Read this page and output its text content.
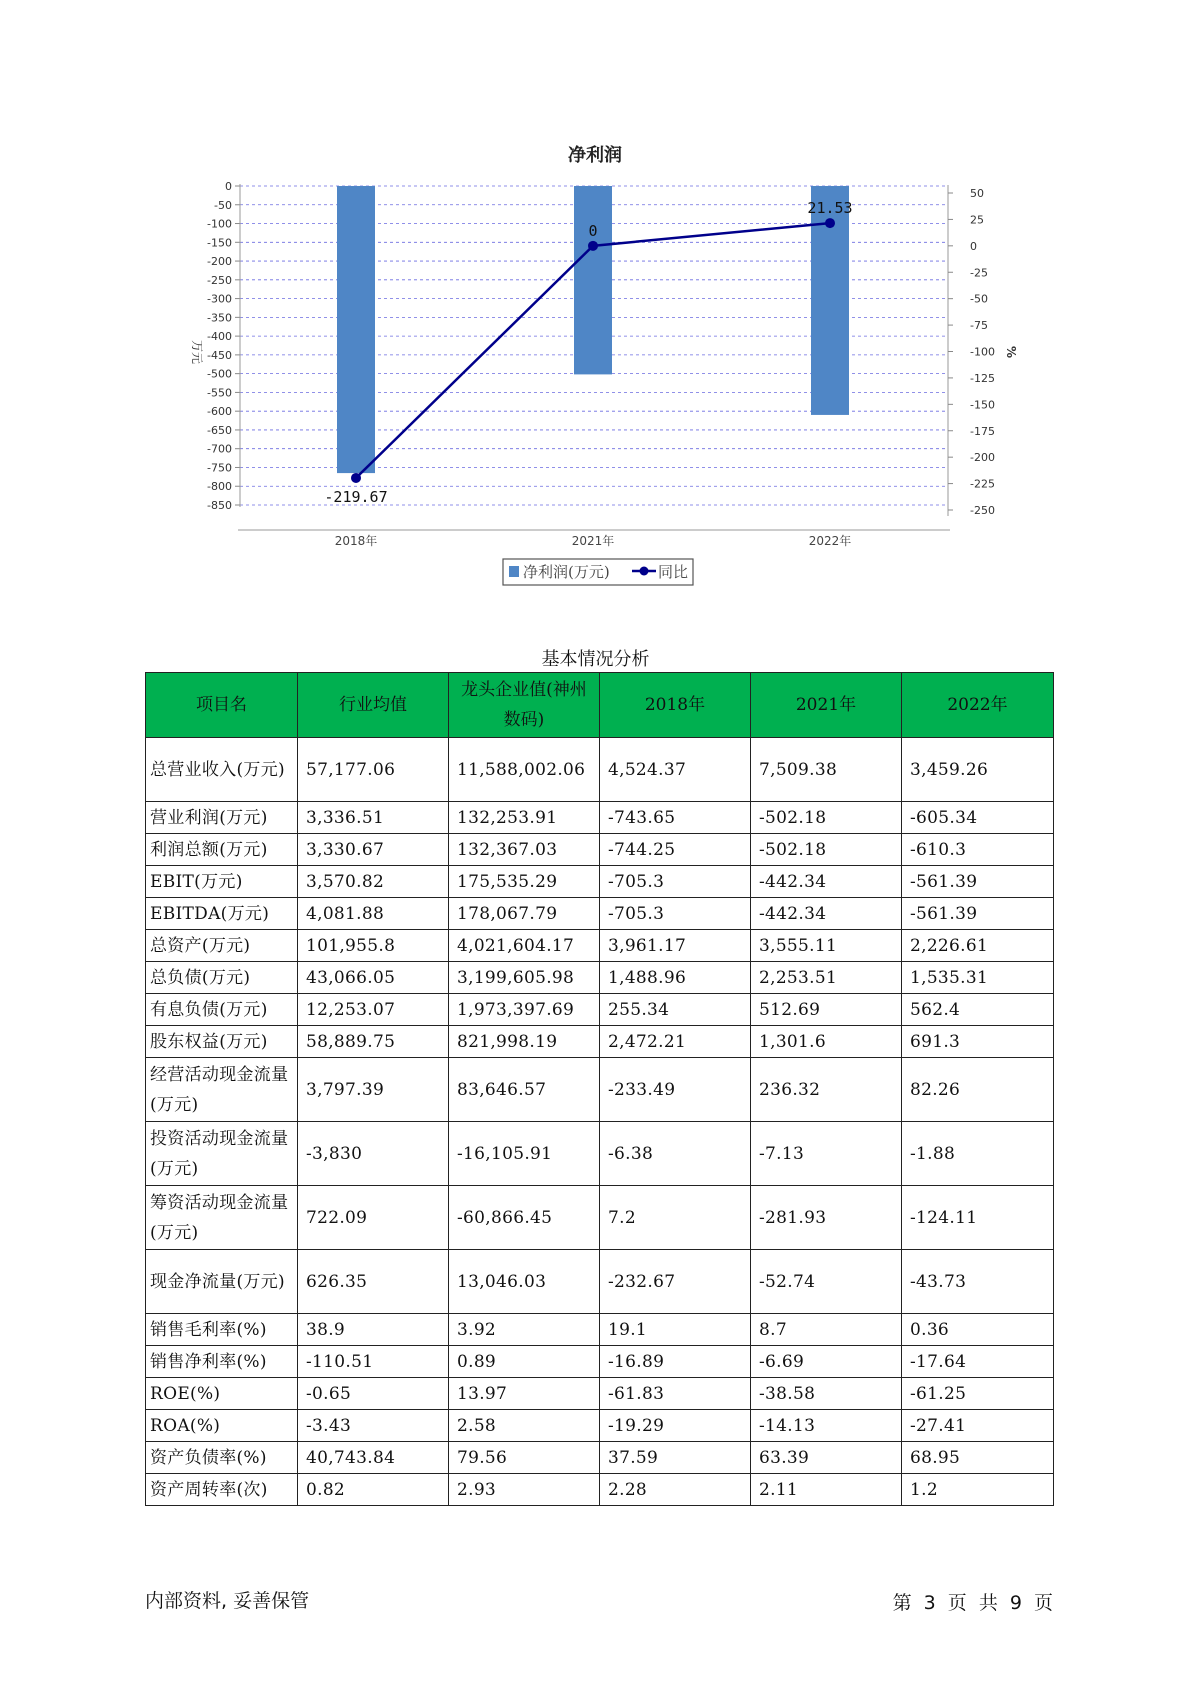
净利润
0
-50
-100
-150
-200
-250
-300
-350
-400
-450
-500
-550
-600
-650
-700
-750
-800
-850
50
25
0
-25
-50
-75
-100
-125
-150
-175
-200
-225
-250
万元	%
2018年	2021年	2022年
-219.67
0
21.53
净利润(万元)	同比
基本情况分析
项目名	行业均值	龙头企业值(神州数码)	2018年	2021年	2022年
总营业收入(万元)	57,177.06	11,588,002.06	4,524.37	7,509.38	3,459.26
营业利润(万元)	3,336.51	132,253.91	-743.65	-502.18	-605.34
利润总额(万元)	3,330.67	132,367.03	-744.25	-502.18	-610.3
EBIT(万元)	3,570.82	175,535.29	-705.3	-442.34	-561.39
EBITDA(万元)	4,081.88	178,067.79	-705.3	-442.34	-561.39
总资产(万元)	101,955.8	4,021,604.17	3,961.17	3,555.11	2,226.61
总负债(万元)	43,066.05	3,199,605.98	1,488.96	2,253.51	1,535.31
有息负债(万元)	12,253.07	1,973,397.69	255.34	512.69	562.4
股东权益(万元)	58,889.75	821,998.19	2,472.21	1,301.6	691.3
经营活动现金流量(万元)	3,797.39	83,646.57	-233.49	236.32	82.26
投资活动现金流量(万元)	-3,830	-16,105.91	-6.38	-7.13	-1.88
筹资活动现金流量(万元)	722.09	-60,866.45	7.2	-281.93	-124.11
现金净流量(万元)	626.35	13,046.03	-232.67	-52.74	-43.73
销售毛利率(%)	38.9	3.92	19.1	8.7	0.36
销售净利率(%)	-110.51	0.89	-16.89	-6.69	-17.64
ROE(%)	-0.65	13.97	-61.83	-38.58	-61.25
ROA(%)	-3.43	2.58	-19.29	-14.13	-27.41
资产负债率(%)	40,743.84	79.56	37.59	63.39	68.95
资产周转率(次)	0.82	2.93	2.28	2.11	1.2
内部资料, 妥善保管	第 3 页 共 9 页
